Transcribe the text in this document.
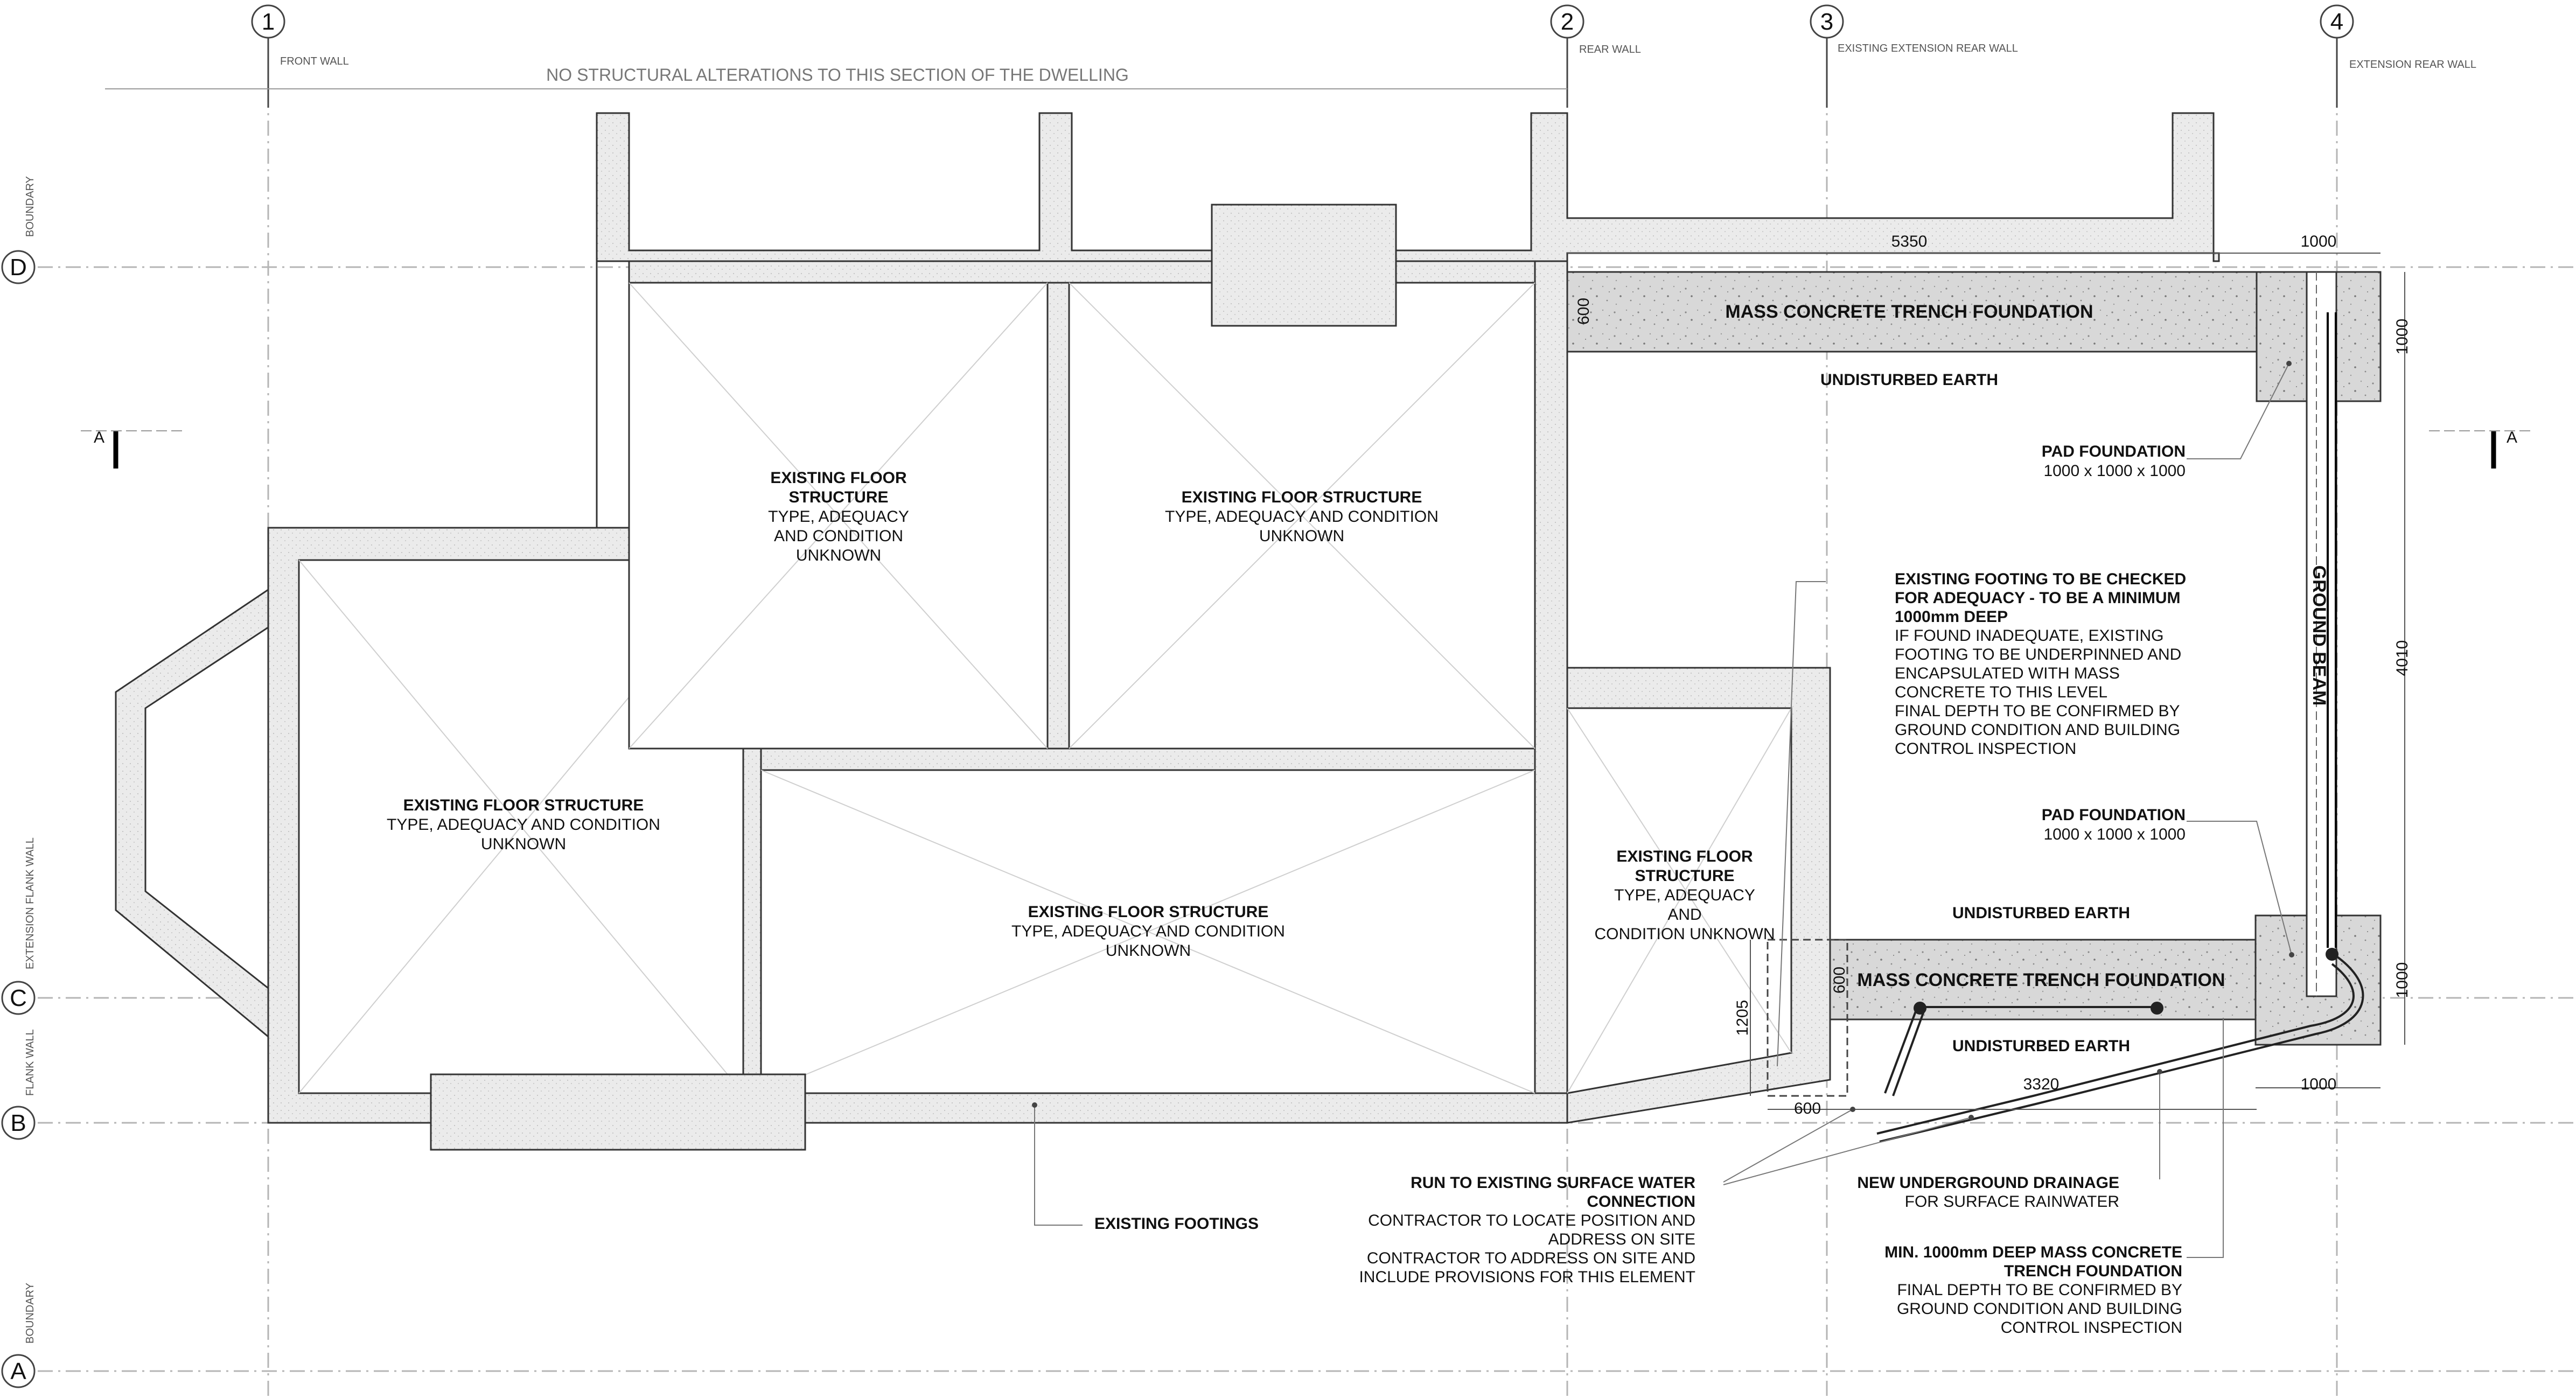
1
FRONT WALL
2
REAR WALL
3
EXISTING EXTENSION REAR WALL
4
EXTENSION REAR WALL
D
BOUNDARY
C
EXTENSION FLANK WALL
B
FLANK WALL
A
BOUNDARY
A	A
NO STRUCTURAL ALTERATIONS TO THIS SECTION OF THE DWELLING
EXISTING FLOOR STRUCTURE
TYPE, ADEQUACY AND CONDITION
UNKNOWN
EXISTING FLOOR
STRUCTURE
TYPE, ADEQUACY
AND CONDITION
UNKNOWN
EXISTING FLOOR STRUCTURE
TYPE, ADEQUACY AND CONDITION
UNKNOWN
EXISTING FLOOR STRUCTURE
TYPE, ADEQUACY AND CONDITION
UNKNOWN
EXISTING FLOOR
STRUCTURE
TYPE, ADEQUACY
AND
CONDITION UNKNOWN
MASS CONCRETE TRENCH FOUNDATION
MASS CONCRETE TRENCH FOUNDATION
UNDISTURBED EARTH
UNDISTURBED EARTH
UNDISTURBED EARTH
GROUND BEAM
5350	1000
1000
600
4010
1000
600
1205
600
3320	1000
PAD FOUNDATION
1000 x 1000 x 1000
PAD FOUNDATION
1000 x 1000 x 1000
EXISTING FOOTING TO BE CHECKED
FOR ADEQUACY - TO BE A MINIMUM
1000mm DEEP
IF FOUND INADEQUATE, EXISTING
FOOTING TO BE UNDERPINNED AND
ENCAPSULATED WITH MASS
CONCRETE TO THIS LEVEL
FINAL DEPTH TO BE CONFIRMED BY
GROUND CONDITION AND BUILDING
CONTROL INSPECTION
EXISTING FOOTINGS
RUN TO EXISTING SURFACE WATER
CONNECTION
CONTRACTOR TO LOCATE POSITION AND
ADDRESS ON SITE
CONTRACTOR TO ADDRESS ON SITE AND
INCLUDE PROVISIONS FOR THIS ELEMENT
NEW UNDERGROUND DRAINAGE
FOR SURFACE RAINWATER
MIN. 1000mm DEEP MASS CONCRETE
TRENCH FOUNDATION
FINAL DEPTH TO BE CONFIRMED BY
GROUND CONDITION AND BUILDING
CONTROL INSPECTION
